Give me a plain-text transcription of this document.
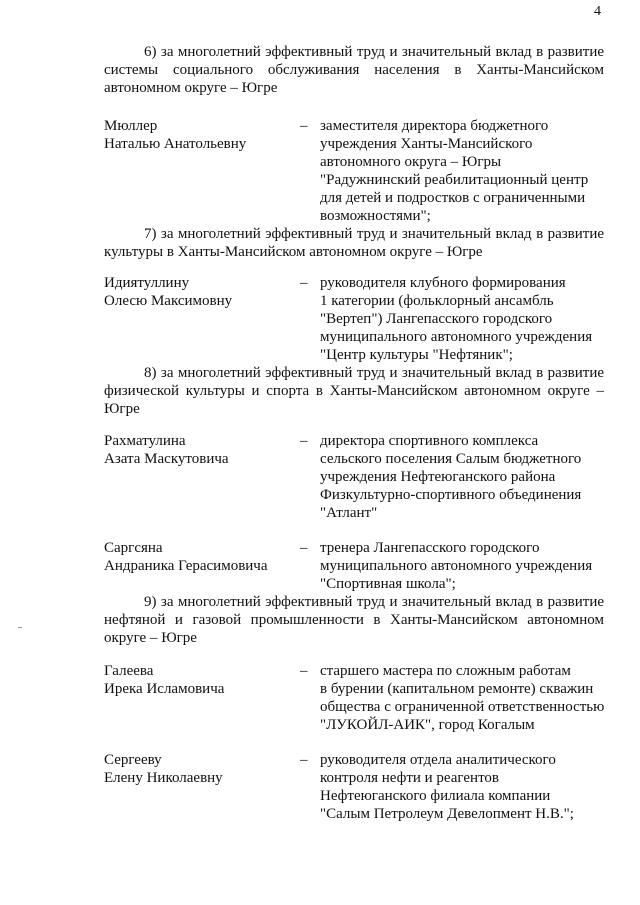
4
6) за многолетний эффективный труд и значительный вклад в развитие системы социального обслуживания населения в Ханты-Мансийском автономном округе – Югре
Мюллер
Наталью Анатольевну
– заместителя директора бюджетного
учреждения Ханты-Мансийского
автономного округа – Югры
"Радужнинский реабилитационный центр
для детей и подростков с ограниченными
возможностями";
7) за многолетний эффективный труд и значительный вклад в развитие культуры в Ханты-Мансийском автономном округе – Югре
Идиятуллину
Олесю Максимовну
– руководителя клубного формирования
1 категории (фольклорный ансамбль
"Вертеп") Лангепасского городского
муниципального автономного учреждения
"Центр культуры "Нефтяник";
8) за многолетний эффективный труд и значительный вклад в развитие физической культуры и спорта в Ханты-Мансийском автономном округе – Югре
Рахматулина
Азата Маскутовича
– директора спортивного комплекса
сельского поселения Салым бюджетного
учреждения Нефтеюганского района
Физкультурно-спортивного объединения
"Атлант"
Саргсяна
Андраника Герасимовича
– тренера Лангепасского городского
муниципального автономного учреждения
"Спортивная школа";
9) за многолетний эффективный труд и значительный вклад в развитие нефтяной и газовой промышленности в Ханты-Мансийском автономном округе – Югре
Галеева
Ирека Исламовича
– старшего мастера по сложным работам
в бурении (капитальном ремонте) скважин
общества с ограниченной ответственностью
"ЛУКОЙЛ-АИК", город Когалым
Сергееву
Елену Николаевну
– руководителя отдела аналитического
контроля нефти и реагентов
Нефтеюганского филиала компании
"Салым Петролеум Девелопмент Н.В.";
